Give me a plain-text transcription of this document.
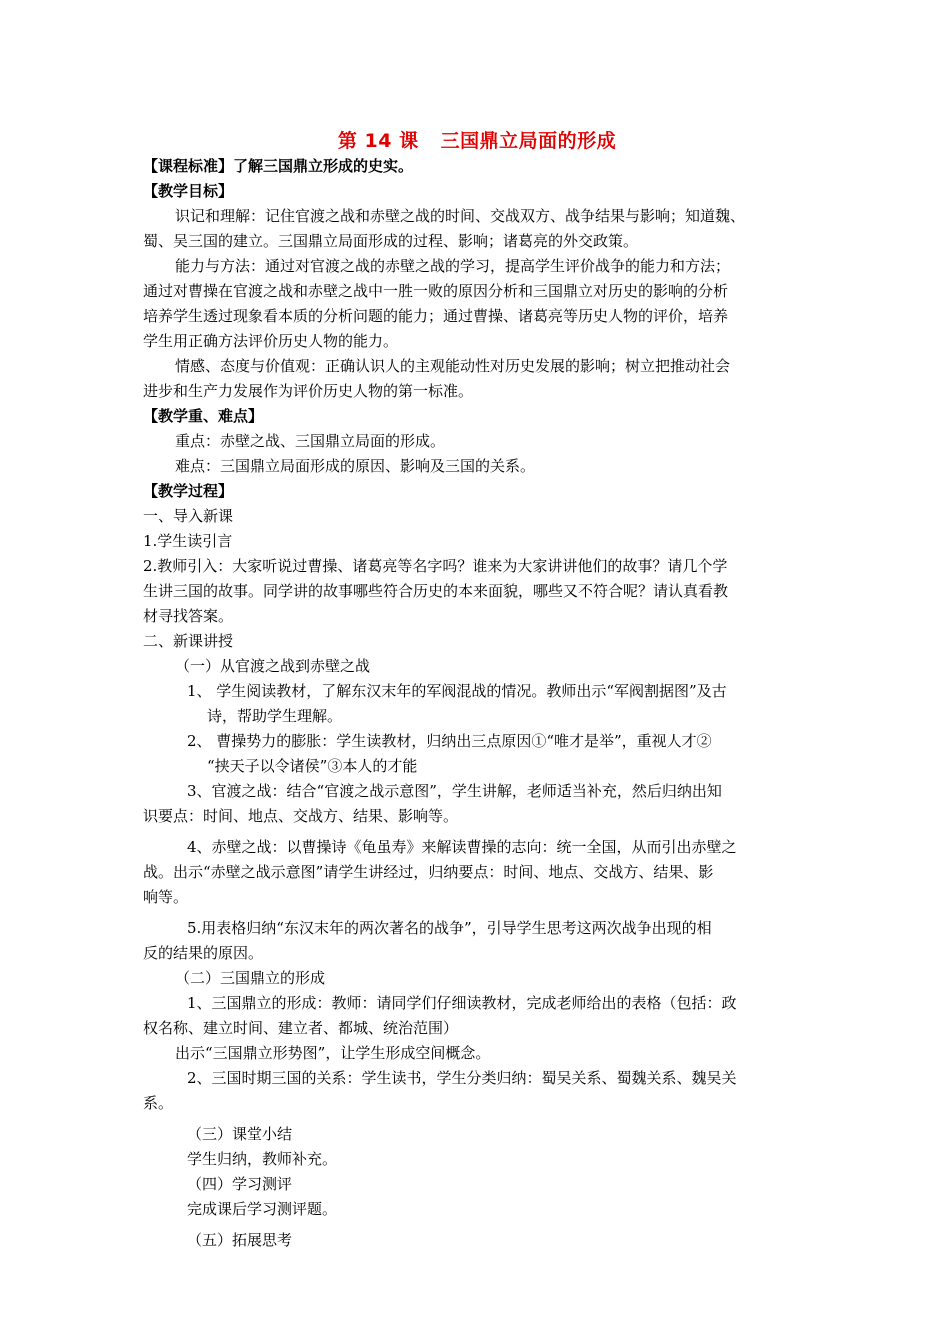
第 14 课 三国鼎立局面的形成
【课程标准】了解三国鼎立形成的史实。
【教学目标】
识记和理解：记住官渡之战和赤壁之战的时间、交战双方、战争结果与影响；知道魏、
蜀、吴三国的建立。三国鼎立局面形成的过程、影响；诸葛亮的外交政策。
能力与方法：通过对官渡之战的赤壁之战的学习，提高学生评价战争的能力和方法；
通过对曹操在官渡之战和赤壁之战中一胜一败的原因分析和三国鼎立对历史的影响的分析
培养学生透过现象看本质的分析问题的能力；通过曹操、诸葛亮等历史人物的评价，培养
学生用正确方法评价历史人物的能力。
情感、态度与价值观：正确认识人的主观能动性对历史发展的影响；树立把推动社会
进步和生产力发展作为评价历史人物的第一标准。
【教学重、难点】
重点：赤壁之战、三国鼎立局面的形成。
难点：三国鼎立局面形成的原因、影响及三国的关系。
【教学过程】
一、导入新课
1.学生读引言
2.教师引入：大家听说过曹操、诸葛亮等名字吗？谁来为大家讲讲他们的故事？请几个学
生讲三国的故事。同学讲的故事哪些符合历史的本来面貌，哪些又不符合呢？请认真看教
材寻找答案。
二、新课讲授
（一）从官渡之战到赤壁之战
1、 学生阅读教材，了解东汉末年的军阀混战的情况。教师出示“军阀割据图”及古
诗，帮助学生理解。
2、 曹操势力的膨胀：学生读教材，归纳出三点原因①“唯才是举”，重视人才②
“挟天子以令诸侯”③本人的才能
3、官渡之战：结合“官渡之战示意图”，学生讲解，老师适当补充，然后归纳出知
识要点：时间、地点、交战方、结果、影响等。
4、赤壁之战：以曹操诗《龟虽寿》来解读曹操的志向：统一全国，从而引出赤壁之
战。出示“赤壁之战示意图”请学生讲经过，归纳要点：时间、地点、交战方、结果、影
响等。
5.用表格归纳“东汉末年的两次著名的战争”，引导学生思考这两次战争出现的相
反的结果的原因。
（二）三国鼎立的形成
1、三国鼎立的形成：教师：请同学们仔细读教材，完成老师给出的表格（包括：政
权名称、建立时间、建立者、都城、统治范围）
出示“三国鼎立形势图”，让学生形成空间概念。
2、三国时期三国的关系：学生读书，学生分类归纳：蜀吴关系、蜀魏关系、魏吴关
系。
（三）课堂小结
学生归纳，教师补充。
（四）学习测评
完成课后学习测评题。
（五）拓展思考
